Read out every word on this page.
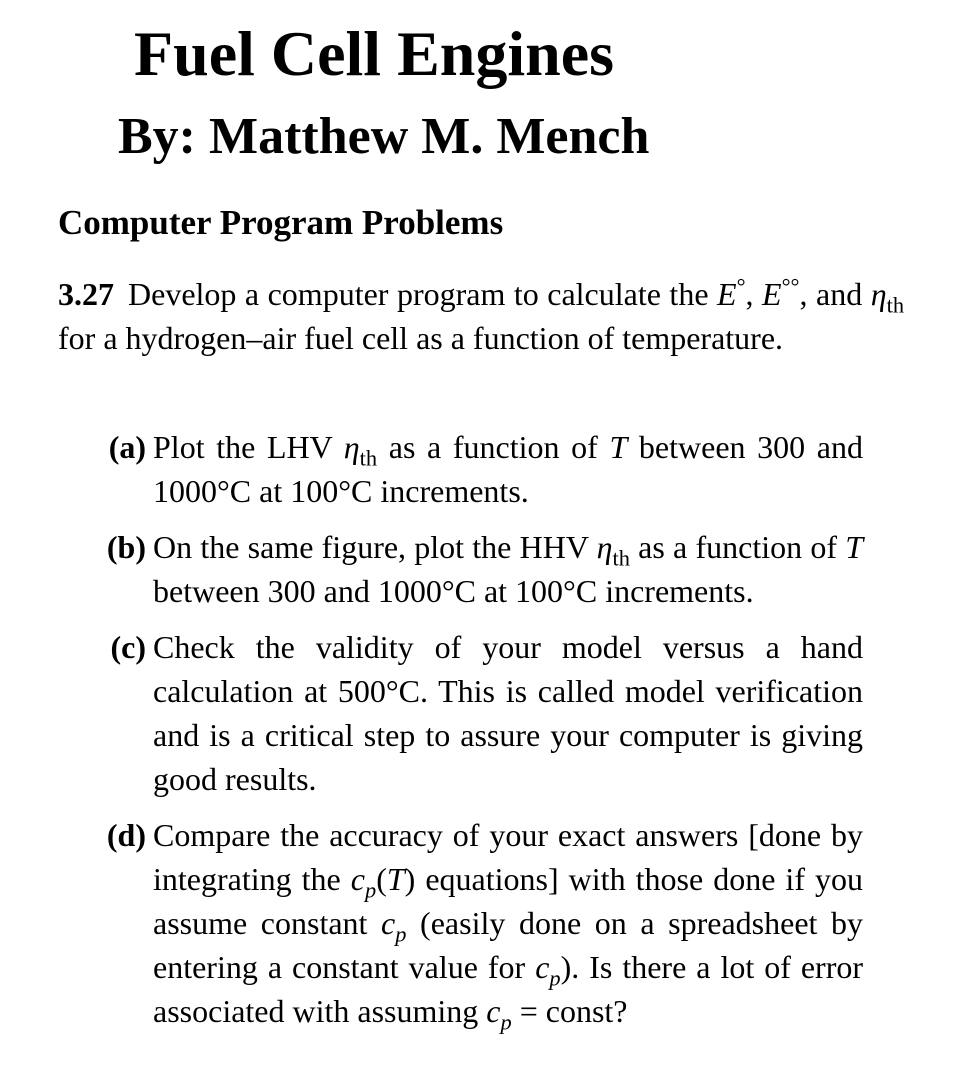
Fuel Cell Engines
By: Matthew M. Mench
Computer Program Problems

3.27 Develop a computer program to calculate the E°, E°°, and $\eta_{th}$ for a hydrogen–air fuel cell as a function of temperature.

(a) Plot the LHV $\eta_{th}$ as a function of T between 300 and 1000°C at 100°C increments.
(b) On the same figure, plot the HHV $\eta_{th}$ as a function of T between 300 and 1000°C at 100°C increments.
(c) Check the validity of your model versus a hand calculation at 500°C. This is called model verification and is a critical step to assure your computer is giving good results.
(d) Compare the accuracy of your exact answers [done by integrating the $c_p(T)$ equations] with those done if you assume constant $c_p$ (easily done on a spreadsheet by entering a constant value for $c_p$). Is there a lot of error associated with assuming $c_p$ = const?
